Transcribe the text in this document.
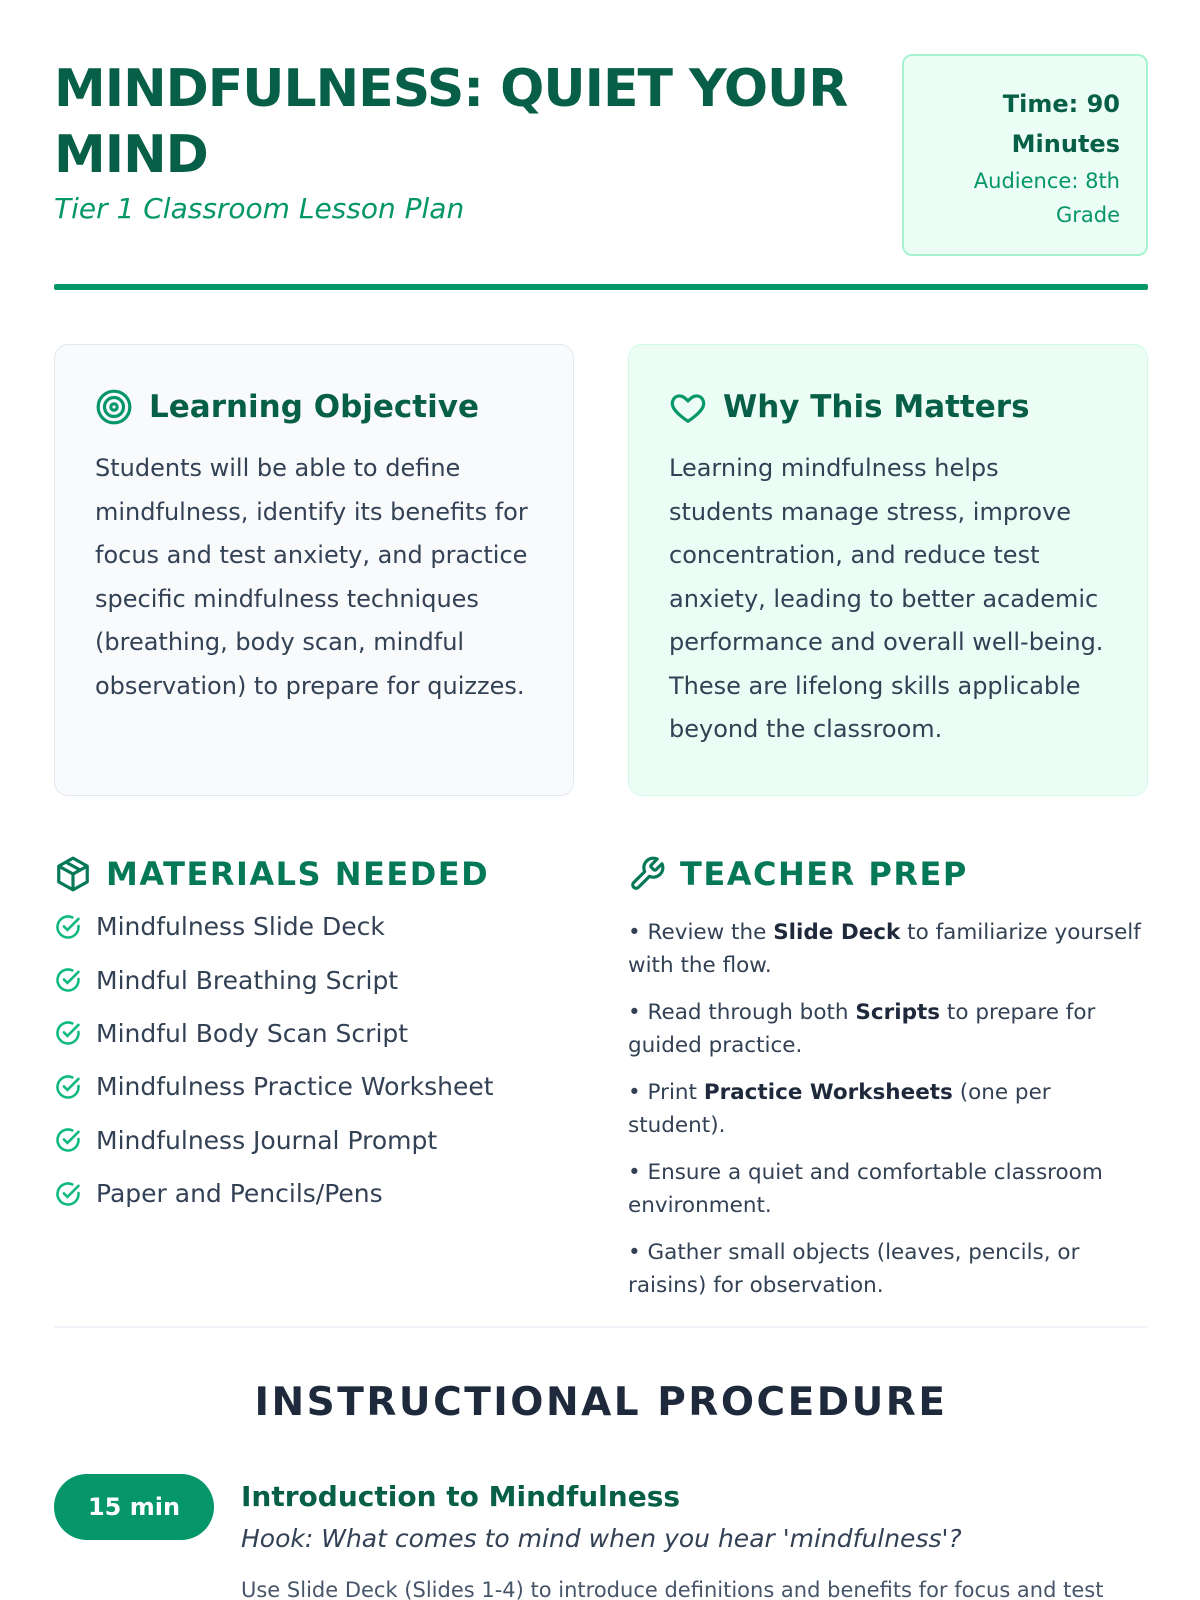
MINDFULNESS: QUIET YOUR MIND
Tier 1 Classroom Lesson Plan
Time: 90
Minutes
Audience: 8th
Grade
Learning Objective
Students will be able to define mindfulness, identify its benefits for focus and test anxiety, and practice specific mindfulness techniques (breathing, body scan, mindful observation) to prepare for quizzes.
Why This Matters
Learning mindfulness helps students manage stress, improve concentration, and reduce test anxiety, leading to better academic performance and overall well-being. These are lifelong skills applicable beyond the classroom.
MATERIALS NEEDED
Mindfulness Slide Deck
Mindful Breathing Script
Mindful Body Scan Script
Mindfulness Practice Worksheet
Mindfulness Journal Prompt
Paper and Pencils/Pens
TEACHER PREP
• Review the Slide Deck to familiarize yourself with the flow.
• Read through both Scripts to prepare for guided practice.
• Print Practice Worksheets (one per student).
• Ensure a quiet and comfortable classroom environment.
• Gather small objects (leaves, pencils, or raisins) for observation.
INSTRUCTIONAL PROCEDURE
15 min	Introduction to Mindfulness
Hook: What comes to mind when you hear 'mindfulness'?
Use Slide Deck (Slides 1-4) to introduce definitions and benefits for focus and test
